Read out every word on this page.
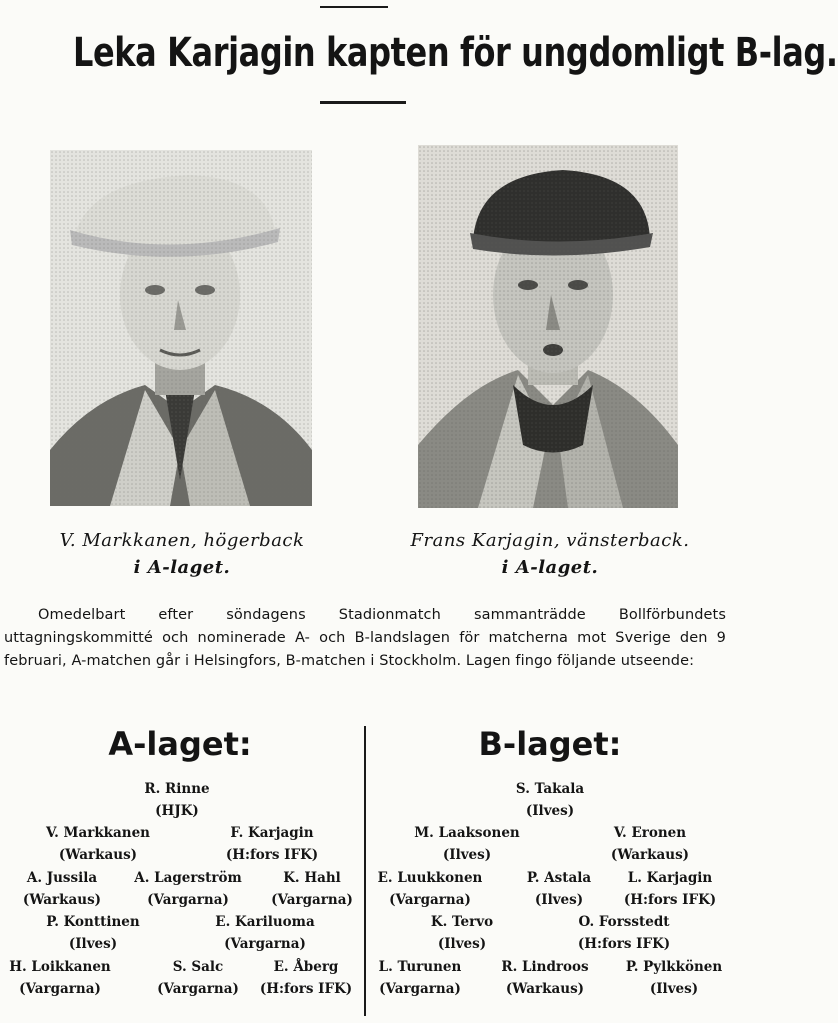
Leka Karjagin kapten för ungdomligt B-lag.
V. Markkanen, högerback
i A-laget.
Frans Karjagin, vänsterback.
i A-laget.
Omedelbart efter söndagens Stadionmatch sammanträdde Bollförbundets uttagningskommitté och nominerade A- och B-landslagen för matcherna mot Sverige den 9 februari, A-matchen går i Helsingfors, B-matchen i Stockholm. Lagen fingo följande utseende:
A-laget:	B-laget:
R. Rinne
(HJK)
V. Markkanen
(Warkaus)
F. Karjagin
(H:fors IFK)
A. Jussila
(Warkaus)
A. Lagerström
(Vargarna)
K. Hahl
(Vargarna)
P. Konttinen
(Ilves)
E. Kariluoma
(Vargarna)
H. Loikkanen
(Vargarna)
S. Salc
(Vargarna)
E. Åberg
(H:fors IFK)
S. Takala
(Ilves)
M. Laaksonen
(Ilves)
V. Eronen
(Warkaus)
E. Luukkonen
(Vargarna)
P. Astala
(Ilves)
L. Karjagin
(H:fors IFK)
K. Tervo
(Ilves)
O. Forsstedt
(H:fors IFK)
L. Turunen
(Vargarna)
R. Lindroos
(Warkaus)
P. Pylkkönen
(Ilves)
